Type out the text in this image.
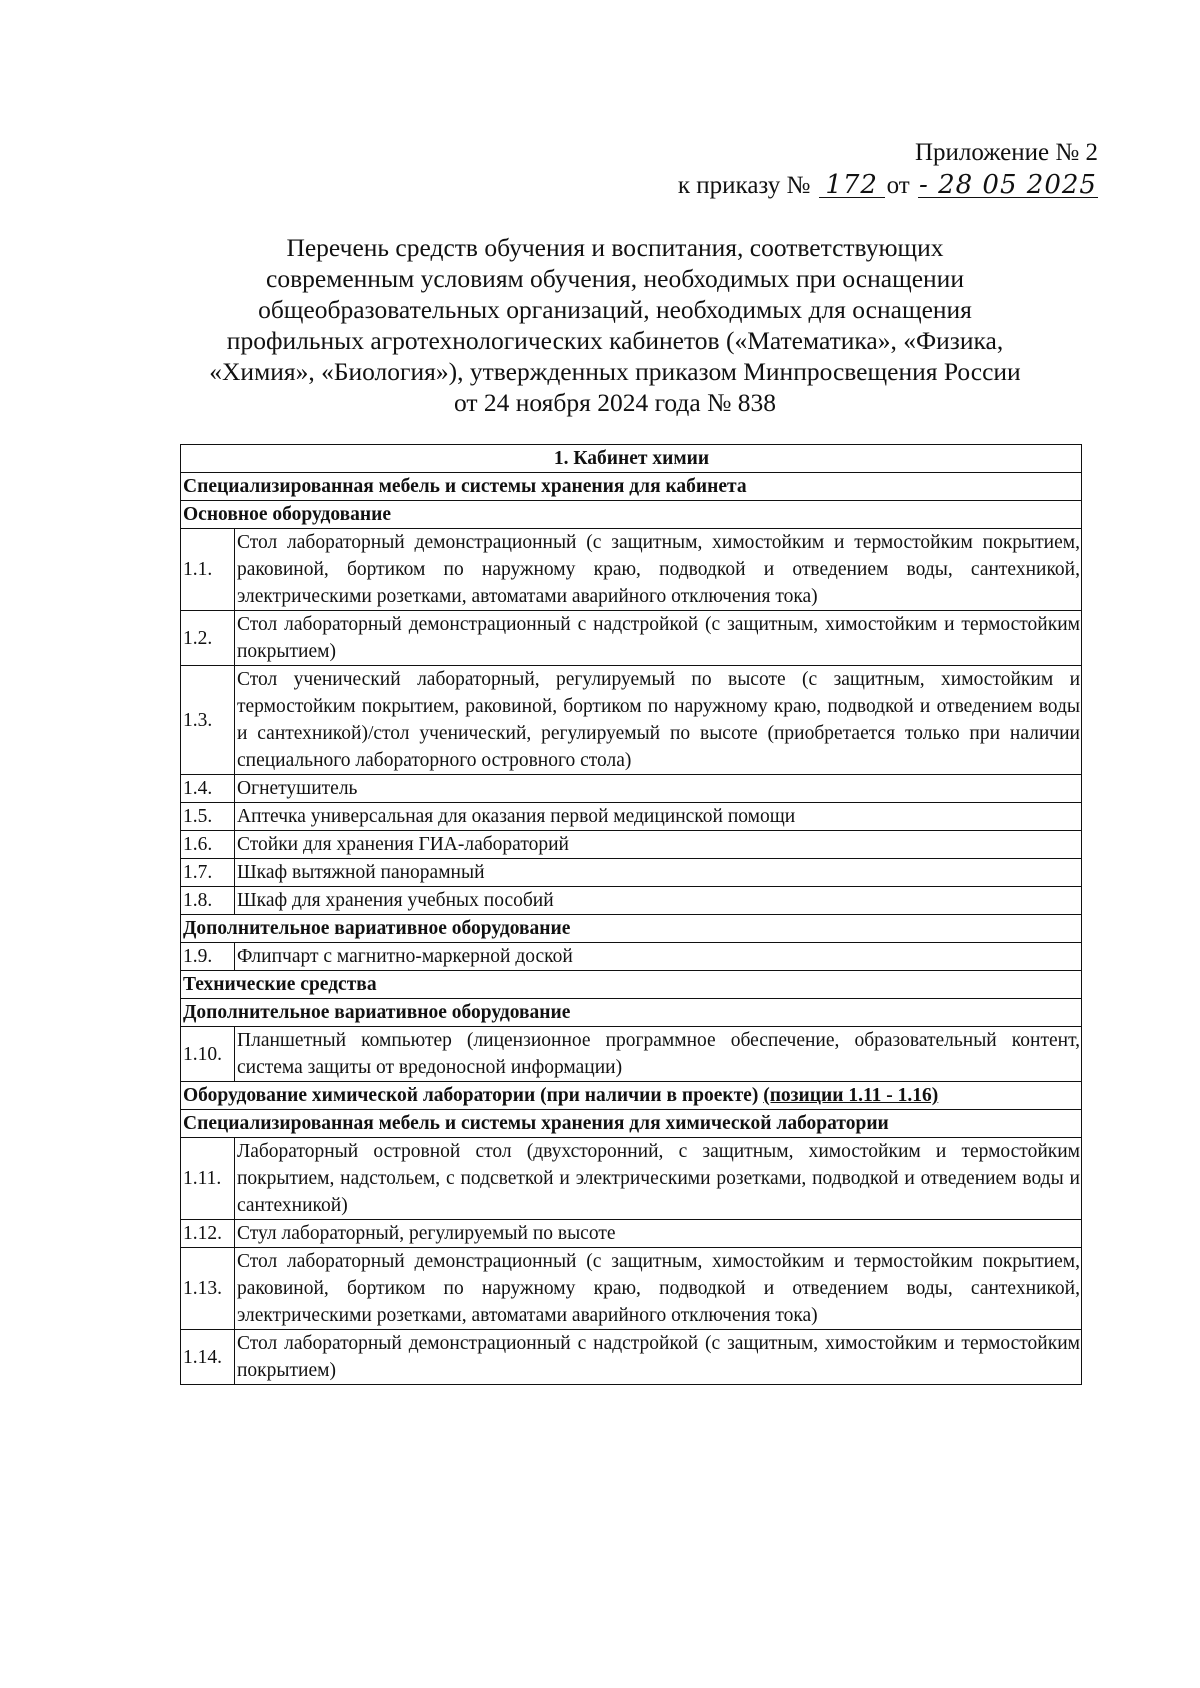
Приложение № 2
к приказу № 172 от - 28 05 2025
Перечень средств обучения и воспитания, соответствующих
современным условиям обучения, необходимых при оснащении
общеобразовательных организаций, необходимых для оснащения
профильных агротехнологических кабинетов («Математика», «Физика,
«Химия», «Биология»), утвержденных приказом Минпросвещения России
от 24 ноября 2024 года № 838
1. Кабинет химии	
Специализированная мебель и системы хранения для кабинета	
Основное оборудование	
1.1.	Стол лабораторный демонстрационный (с защитным, химостойким и термостойким покрытием, раковиной, бортиком по наружному краю, подводкой и отведением воды, сантехникой, электрическими розетками, автоматами аварийного отключения тока)
1.2.	Стол лабораторный демонстрационный с надстройкой (с защитным, химостойким и термостойким покрытием)
1.3.	Стол ученический лабораторный, регулируемый по высоте (с защитным, химостойким и термостойким покрытием, раковиной, бортиком по наружному краю, подводкой и отведением воды и сантехникой)/стол ученический, регулируемый по высоте (приобретается только при наличии специального лабораторного островного стола)
1.4.	Огнетушитель
1.5.	Аптечка универсальная для оказания первой медицинской помощи
1.6.	Стойки для хранения ГИА-лабораторий
1.7.	Шкаф вытяжной панорамный
1.8.	Шкаф для хранения учебных пособий
Дополнительное вариативное оборудование	
1.9.	Флипчарт с магнитно-маркерной доской
Технические средства	
Дополнительное вариативное оборудование	
1.10.	Планшетный компьютер (лицензионное программное обеспечение, образовательный контент, система защиты от вредоносной информации)
Оборудование химической лаборатории (при наличии в проекте) (позиции 1.11 - 1.16)	
Специализированная мебель и системы хранения для химической лаборатории	
1.11.	Лабораторный островной стол (двухсторонний, с защитным, химостойким и термостойким покрытием, надстольем, с подсветкой и электрическими розетками, подводкой и отведением воды и сантехникой)
1.12.	Стул лабораторный, регулируемый по высоте
1.13.	Стол лабораторный демонстрационный (с защитным, химостойким и термостойким покрытием, раковиной, бортиком по наружному краю, подводкой и отведением воды, сантехникой, электрическими розетками, автоматами аварийного отключения тока)
1.14.	Стол лабораторный демонстрационный с надстройкой (с защитным, химостойким и термостойким покрытием)
